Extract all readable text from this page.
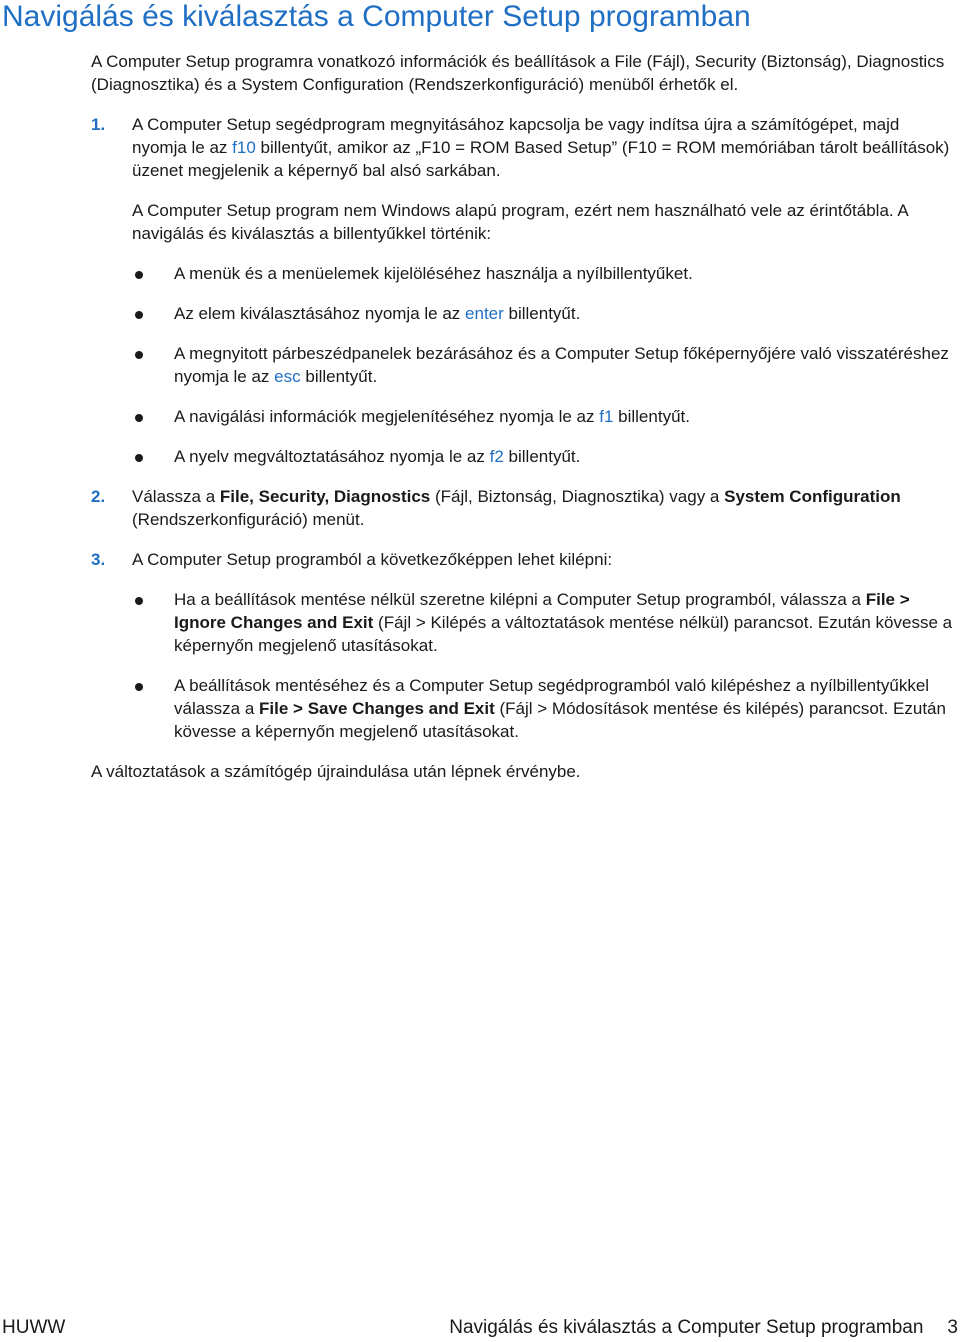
Navigálás és kiválasztás a Computer Setup programban

A Computer Setup programra vonatkozó információk és beállítások a File (Fájl), Security (Biztonság), Diagnostics (Diagnosztika) és a System Configuration (Rendszerkonfiguráció) menüből érhetők el.

1. A Computer Setup segédprogram megnyitásához kapcsolja be vagy indítsa újra a számítógépet, majd nyomja le az f10 billentyűt, amikor az „F10 = ROM Based Setup” (F10 = ROM memóriában tárolt beállítások) üzenet megjelenik a képernyő bal alsó sarkában.

A Computer Setup program nem Windows alapú program, ezért nem használható vele az érintőtábla. A navigálás és kiválasztás a billentyűkkel történik:

A menük és a menüelemek kijelöléséhez használja a nyílbillentyűket.
Az elem kiválasztásához nyomja le az enter billentyűt.
A megnyitott párbeszédpanelek bezárásához és a Computer Setup főképernyőjére való visszatéréshez nyomja le az esc billentyűt.
A navigálási információk megjelenítéséhez nyomja le az f1 billentyűt.
A nyelv megváltoztatásához nyomja le az f2 billentyűt.
2. Válassza a File, Security, Diagnostics (Fájl, Biztonság, Diagnosztika) vagy a System Configuration (Rendszerkonfiguráció) menüt.

3. A Computer Setup programból a következőképpen lehet kilépni:

Ha a beállítások mentése nélkül szeretne kilépni a Computer Setup programból, válassza a File > Ignore Changes and Exit (Fájl > Kilépés a változtatások mentése nélkül) parancsot. Ezután kövesse a képernyőn megjelenő utasításokat.
A beállítások mentéséhez és a Computer Setup segédprogramból való kilépéshez a nyílbillentyűkkel válassza a File > Save Changes and Exit (Fájl > Módosítások mentése és kilépés) parancsot. Ezután kövesse a képernyőn megjelenő utasításokat.

A változtatások a számítógép újraindulása után lépnek érvénybe.

HUWW	Navigálás és kiválasztás a Computer Setup programban 3
